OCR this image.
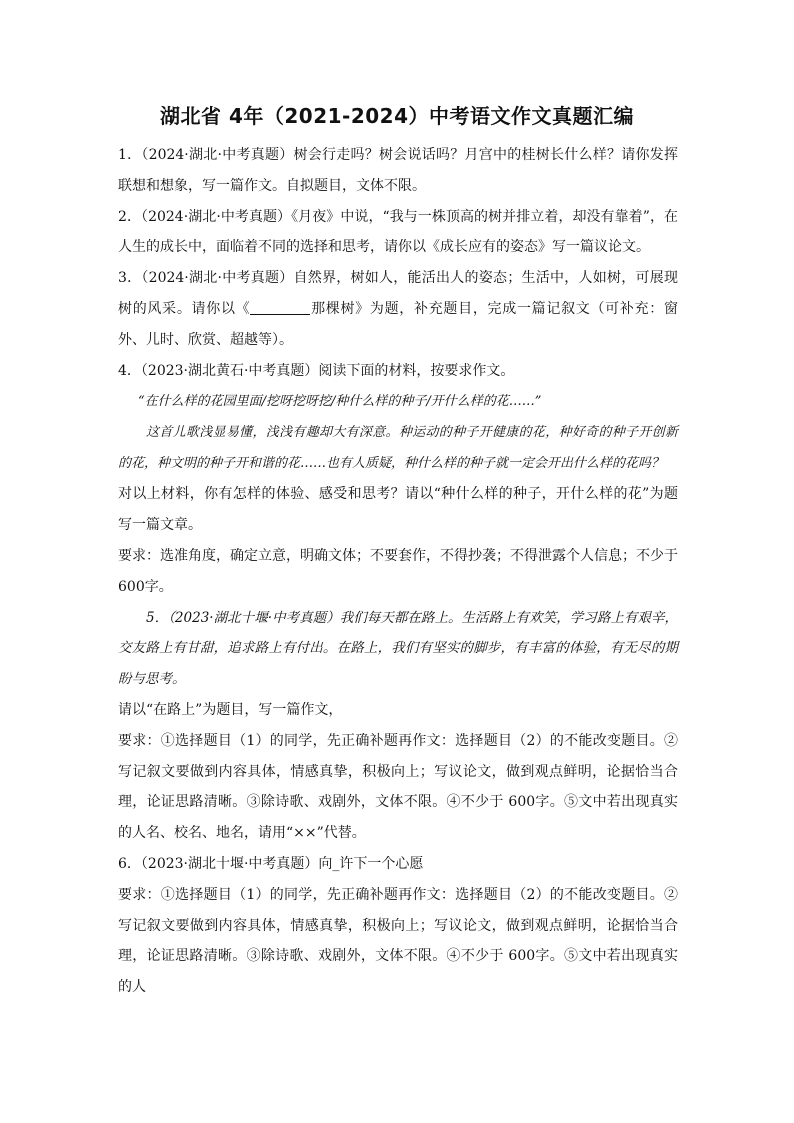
湖北省 4年（2021-2024）中考语文作文真题汇编

1．（2024·湖北·中考真题）树会行走吗？树会说话吗？月宫中的桂树长什么样？请你发挥联想和想象，写一篇作文。自拟题目，文体不限。

2．（2024·湖北·中考真题）《月夜》中说，“我与一株顶高的树并排立着，却没有靠着”，在人生的成长中，面临着不同的选择和思考，请你以《成长应有的姿态》写一篇议论文。

3．（2024·湖北·中考真题）自然界，树如人，能活出人的姿态；生活中，人如树，可展现树的风采。请你以《	那棵树》为题，补充题目，完成一篇记叙文（可补充：窗外、儿时、欣赏、超越等）。

4．（2023·湖北黄石·中考真题）阅读下面的材料，按要求作文。

“在什么样的花园里面/挖呀挖呀挖/种什么样的种子/开什么样的花……”

这首儿歌浅显易懂，浅浅有趣却大有深意。种运动的种子开健康的花，种好奇的种子开创新的花，种文明的种子开和谐的花……也有人质疑，种什么样的种子就一定会开出什么样的花吗？

对以上材料，你有怎样的体验、感受和思考？请以“种什么样的种子，开什么样的花”为题写一篇文章。

要求：选准角度，确定立意，明确文体；不要套作，不得抄袭；不得泄露个人信息；不少于600字。

5．（2023·湖北十堰·中考真题）我们每天都在路上。生活路上有欢笑，学习路上有艰辛，交友路上有甘甜，追求路上有付出。在路上，我们有坚实的脚步，有丰富的体验，有无尽的期盼与思考。

请以“在路上”为题目，写一篇作文，

要求：①选择题目（1）的同学，先正确补题再作文：选择题目（2）的不能改变题目。②写记叙文要做到内容具体，情感真挚，积极向上；写议论文，做到观点鲜明，论据恰当合理，论证思路清晰。③除诗歌、戏剧外，文体不限。④不少于 600字。⑤文中若出现真实的人名、校名、地名，请用“××”代替。

6．（2023·湖北十堰·中考真题）向_许下一个心愿

要求：①选择题目（1）的同学，先正确补题再作文：选择题目（2）的不能改变题目。②写记叙文要做到内容具体，情感真挚，积极向上；写议论文，做到观点鲜明，论据恰当合理，论证思路清晰。③除诗歌、戏剧外，文体不限。④不少于 600字。⑤文中若出现真实的人
